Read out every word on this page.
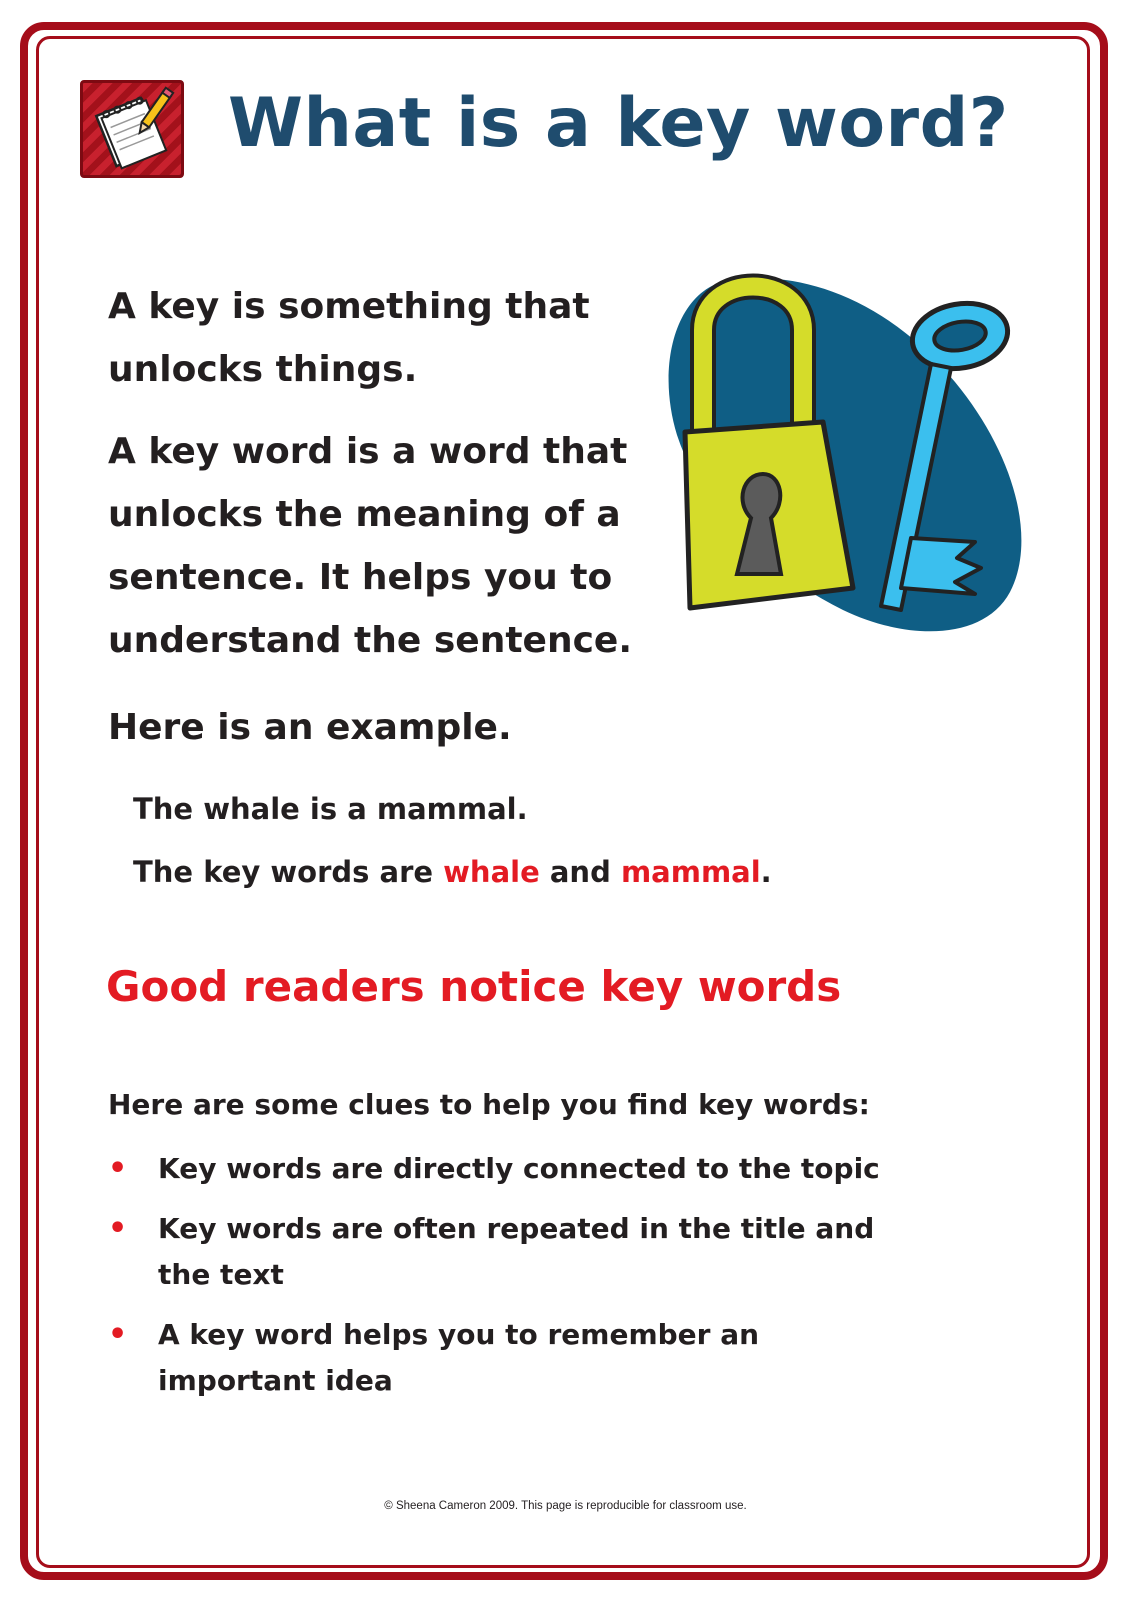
What is a key word?

A key is something that unlocks things.

A key word is a word that unlocks the meaning of a sentence. It helps you to understand the sentence.

Here is an example.

The whale is a mammal.

The key words are whale and mammal.

Good readers notice key words

Here are some clues to help you find key words:

• Key words are directly connected to the topic
• Key words are often repeated in the title and the text
• A key word helps you to remember an important idea

© Sheena Cameron 2009. This page is reproducible for classroom use.
